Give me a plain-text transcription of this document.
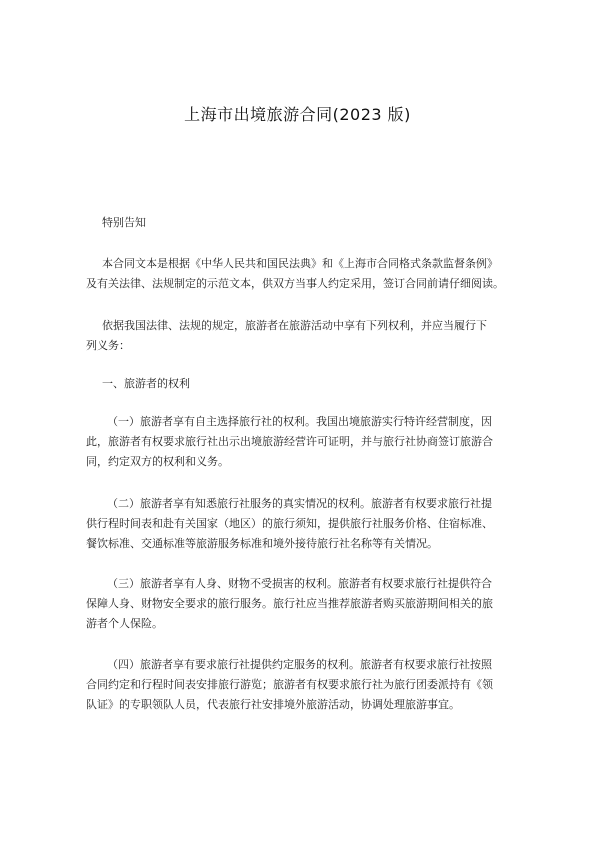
上海市出境旅游合同(2023 版)
特别告知
本合同文本是根据《中华人民共和国民法典》和《上海市合同格式条款监督条例》
及有关法律、法规制定的示范文本，供双方当事人约定采用，签订合同前请仔细阅读。
依据我国法律、法规的规定，旅游者在旅游活动中享有下列权利，并应当履行下
列义务：
一、旅游者的权利
（一）旅游者享有自主选择旅行社的权利。我国出境旅游实行特许经营制度，因
此，旅游者有权要求旅行社出示出境旅游经营许可证明，并与旅行社协商签订旅游合
同，约定双方的权利和义务。
（二）旅游者享有知悉旅行社服务的真实情况的权利。旅游者有权要求旅行社提
供行程时间表和赴有关国家（地区）的旅行须知，提供旅行社服务价格、住宿标准、
餐饮标准、交通标准等旅游服务标准和境外接待旅行社名称等有关情况。
（三）旅游者享有人身、财物不受损害的权利。旅游者有权要求旅行社提供符合
保障人身、财物安全要求的旅行服务。旅行社应当推荐旅游者购买旅游期间相关的旅
游者个人保险。
（四）旅游者享有要求旅行社提供约定服务的权利。旅游者有权要求旅行社按照
合同约定和行程时间表安排旅行游览；旅游者有权要求旅行社为旅行团委派持有《领
队证》的专职领队人员，代表旅行社安排境外旅游活动，协调处理旅游事宜。
